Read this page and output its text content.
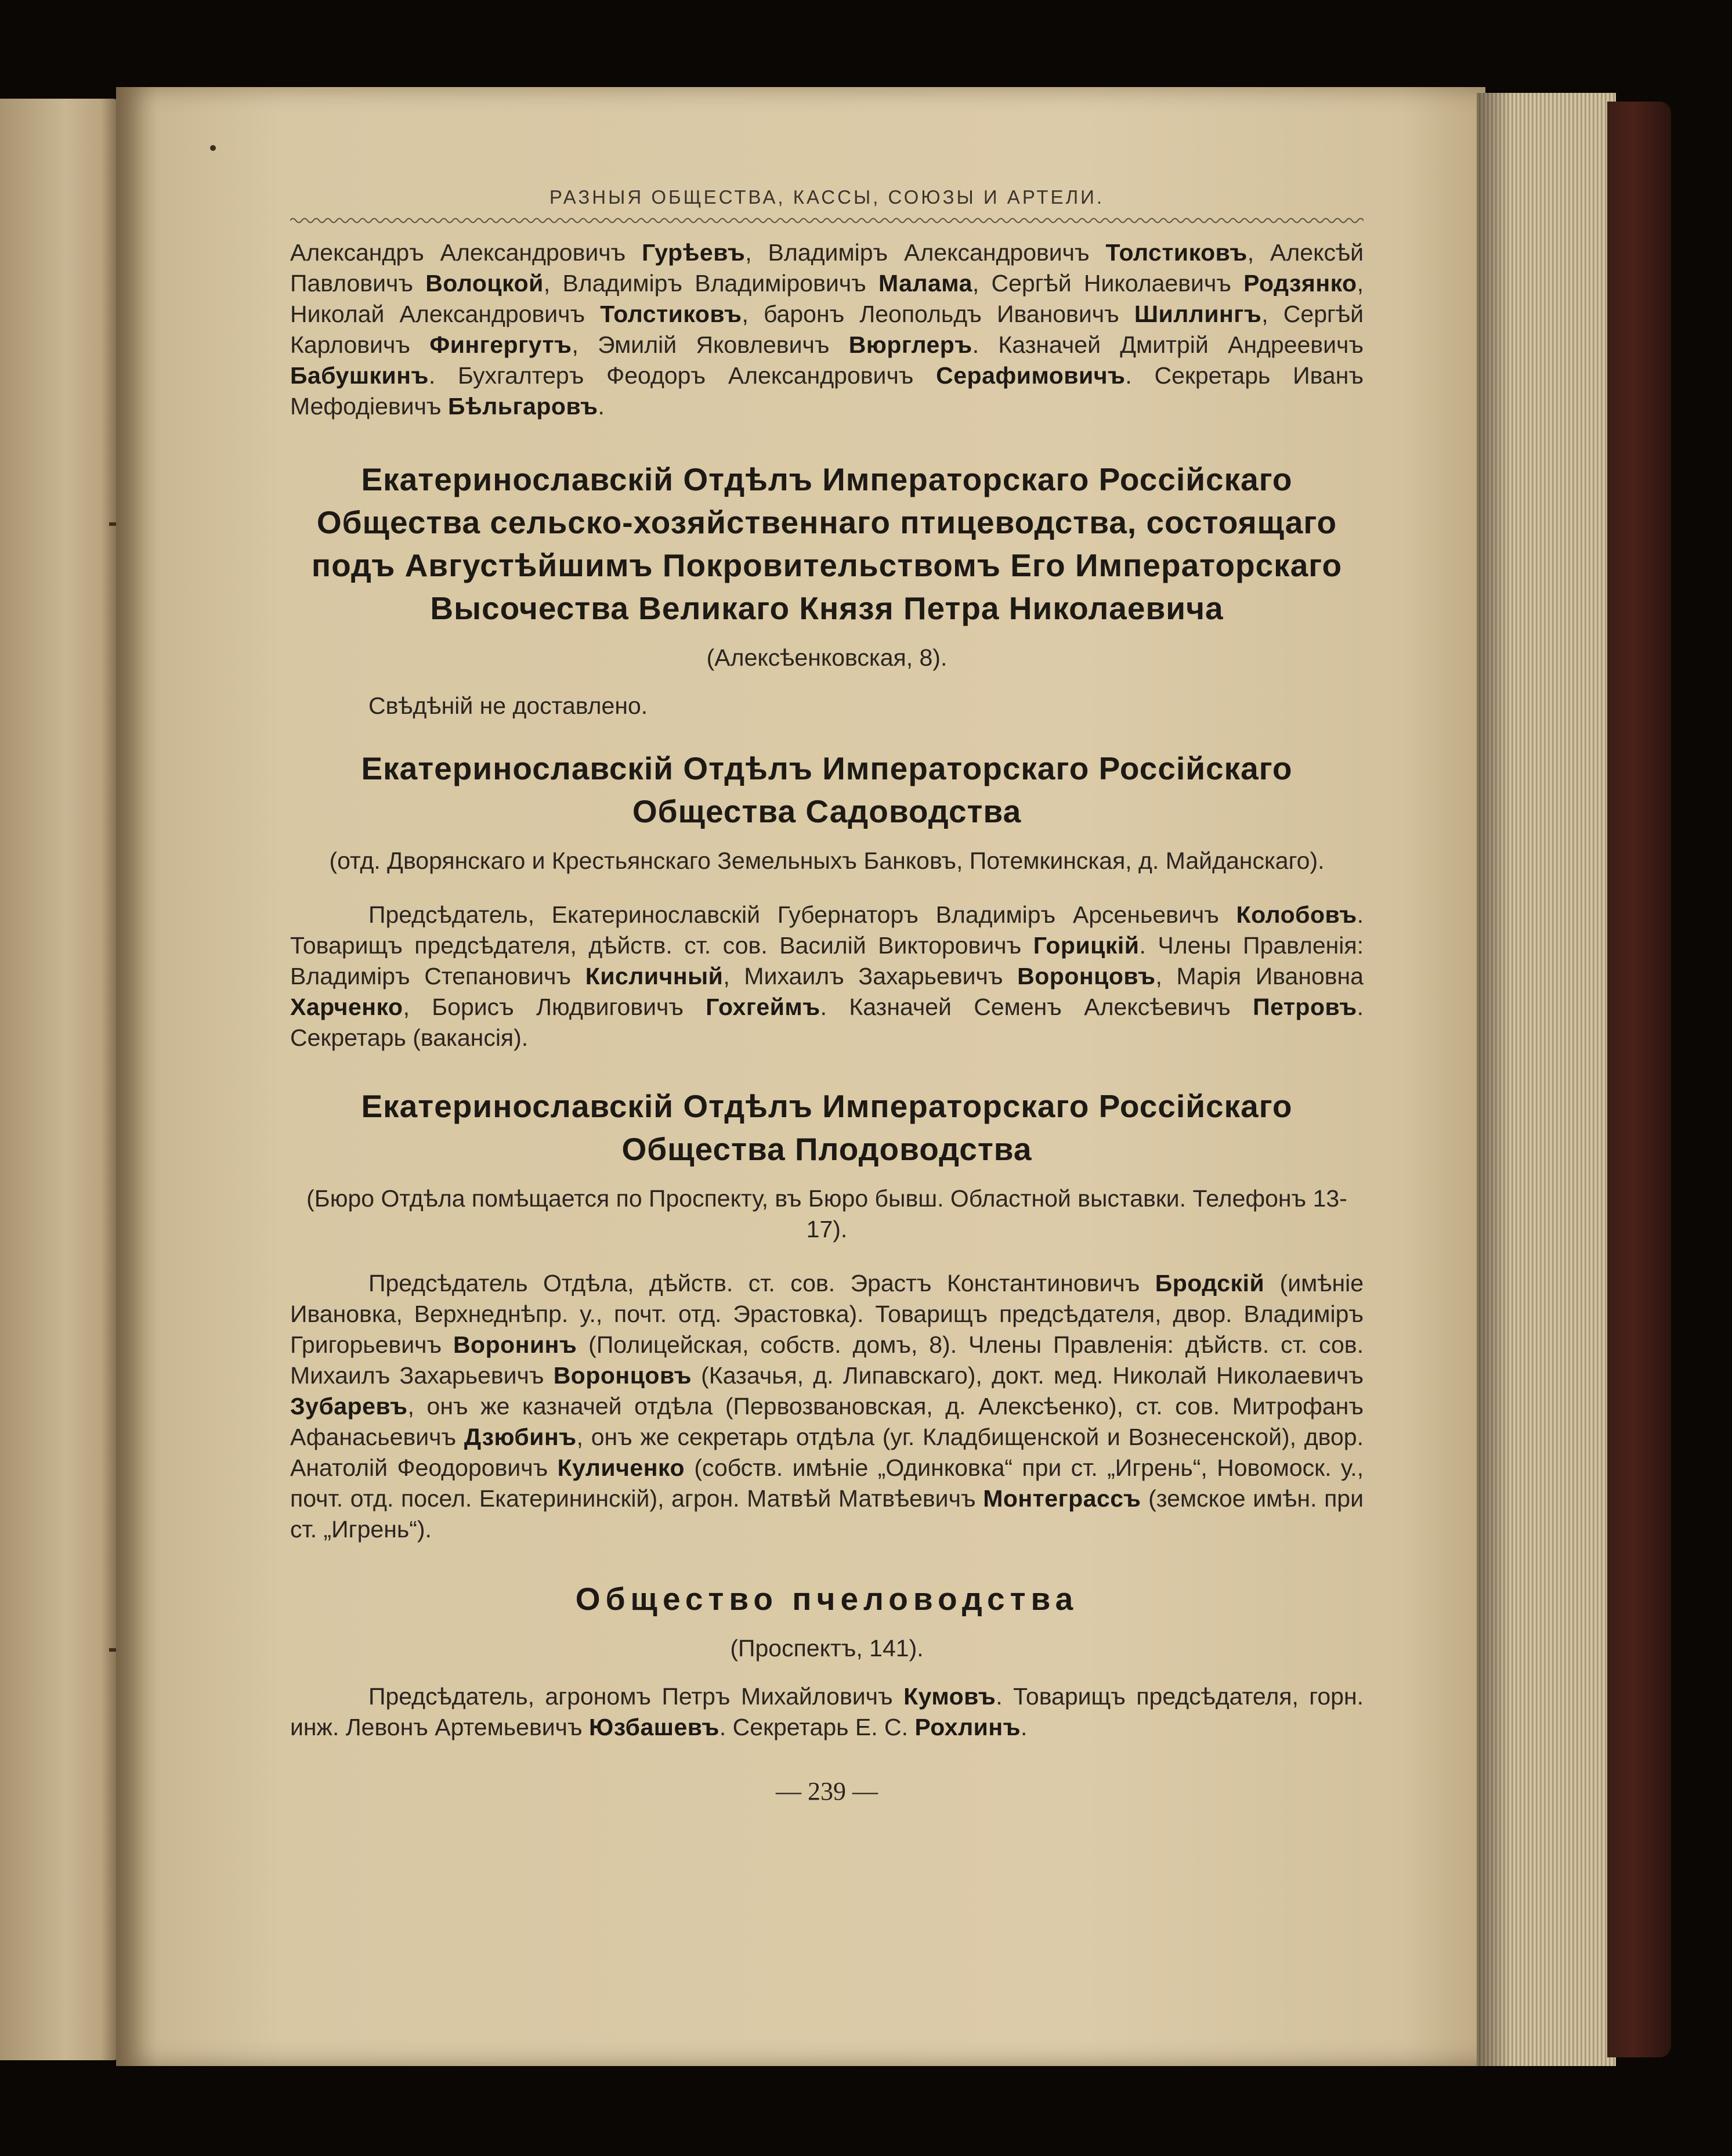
РАЗНЫЯ ОБЩЕСТВА, КАССЫ, СОЮЗЫ И АРТЕЛИ.

Александръ Александровичъ Гурѣевъ, Владиміръ Александровичъ Толстиковъ, Алексѣй Павловичъ Волоцкой, Владиміръ Владиміровичъ Малама, Сергѣй Николаевичъ Родзянко, Николай Александровичъ Толстиковъ, баронъ Леопольдъ Ивановичъ Шиллингъ, Сергѣй Карловичъ Фингергутъ, Эмилій Яковлевичъ Вюрглеръ. Казначей Дмитрій Андреевичъ Бабушкинъ. Бухгалтеръ Феодоръ Александровичъ Серафимовичъ. Секретарь Иванъ Мефодіевичъ Бѣльгаровъ.

Екатеринославскій Отдѣлъ Императорскаго Россійскаго Общества сельско-хозяйственнаго птицеводства, состоящаго подъ Августѣйшимъ Покровительствомъ Его Императорскаго Высочества Великаго Князя Петра Николаевича
(Алексѣенковская, 8).

Свѣдѣній не доставлено.

Екатеринославскій Отдѣлъ Императорскаго Россійскаго Общества Садоводства
(отд. Дворянскаго и Крестьянскаго Земельныхъ Банковъ, Потемкинская, д. Майданскаго).

Предсѣдатель, Екатеринославскій Губернаторъ Владиміръ Арсеньевичъ Колобовъ. Товарищъ предсѣдателя, дѣйств. ст. сов. Василій Викторовичъ Горицкій. Члены Правленія: Владиміръ Степановичъ Кисличный, Михаилъ Захарьевичъ Воронцовъ, Марія Ивановна Харченко, Борисъ Людвиговичъ Гохгеймъ. Казначей Семенъ Алексѣевичъ Петровъ. Секретарь (вакансія).

Екатеринославскій Отдѣлъ Императорскаго Россійскаго Общества Плодоводства
(Бюро Отдѣла помѣщается по Проспекту, въ Бюро бывш. Областной выставки. Телефонъ 13-17).

Предсѣдатель Отдѣла, дѣйств. ст. сов. Эрастъ Константиновичъ Бродскій (имѣніе Ивановка, Верхнеднѣпр. у., почт. отд. Эрастовка). Товарищъ предсѣдателя, двор. Владиміръ Григорьевичъ Воронинъ (Полицейская, собств. домъ, 8). Члены Правленія: дѣйств. ст. сов. Михаилъ Захарьевичъ Воронцовъ (Казачья, д. Липавскаго), докт. мед. Николай Николаевичъ Зубаревъ, онъ же казначей отдѣла (Первозвановская, д. Алексѣенко), ст. сов. Митрофанъ Афанасьевичъ Дзюбинъ, онъ же секретарь отдѣла (уг. Кладбищенской и Вознесенской), двор. Анатолій Феодоровичъ Куличенко (собств. имѣніе „Одинковка“ при ст. „Игрень“, Новомоск. у., почт. отд. посел. Екатерининскій), агрон. Матвѣй Матвѣевичъ Монтеграссъ (земское имѣн. при ст. „Игрень“).

Общество пчеловодства
(Проспектъ, 141).

Предсѣдатель, агрономъ Петръ Михайловичъ Кумовъ. Товарищъ предсѣдателя, горн. инж. Левонъ Артемьевичъ Юзбашевъ. Секретарь Е. С. Рохлинъ.

— 239 —
